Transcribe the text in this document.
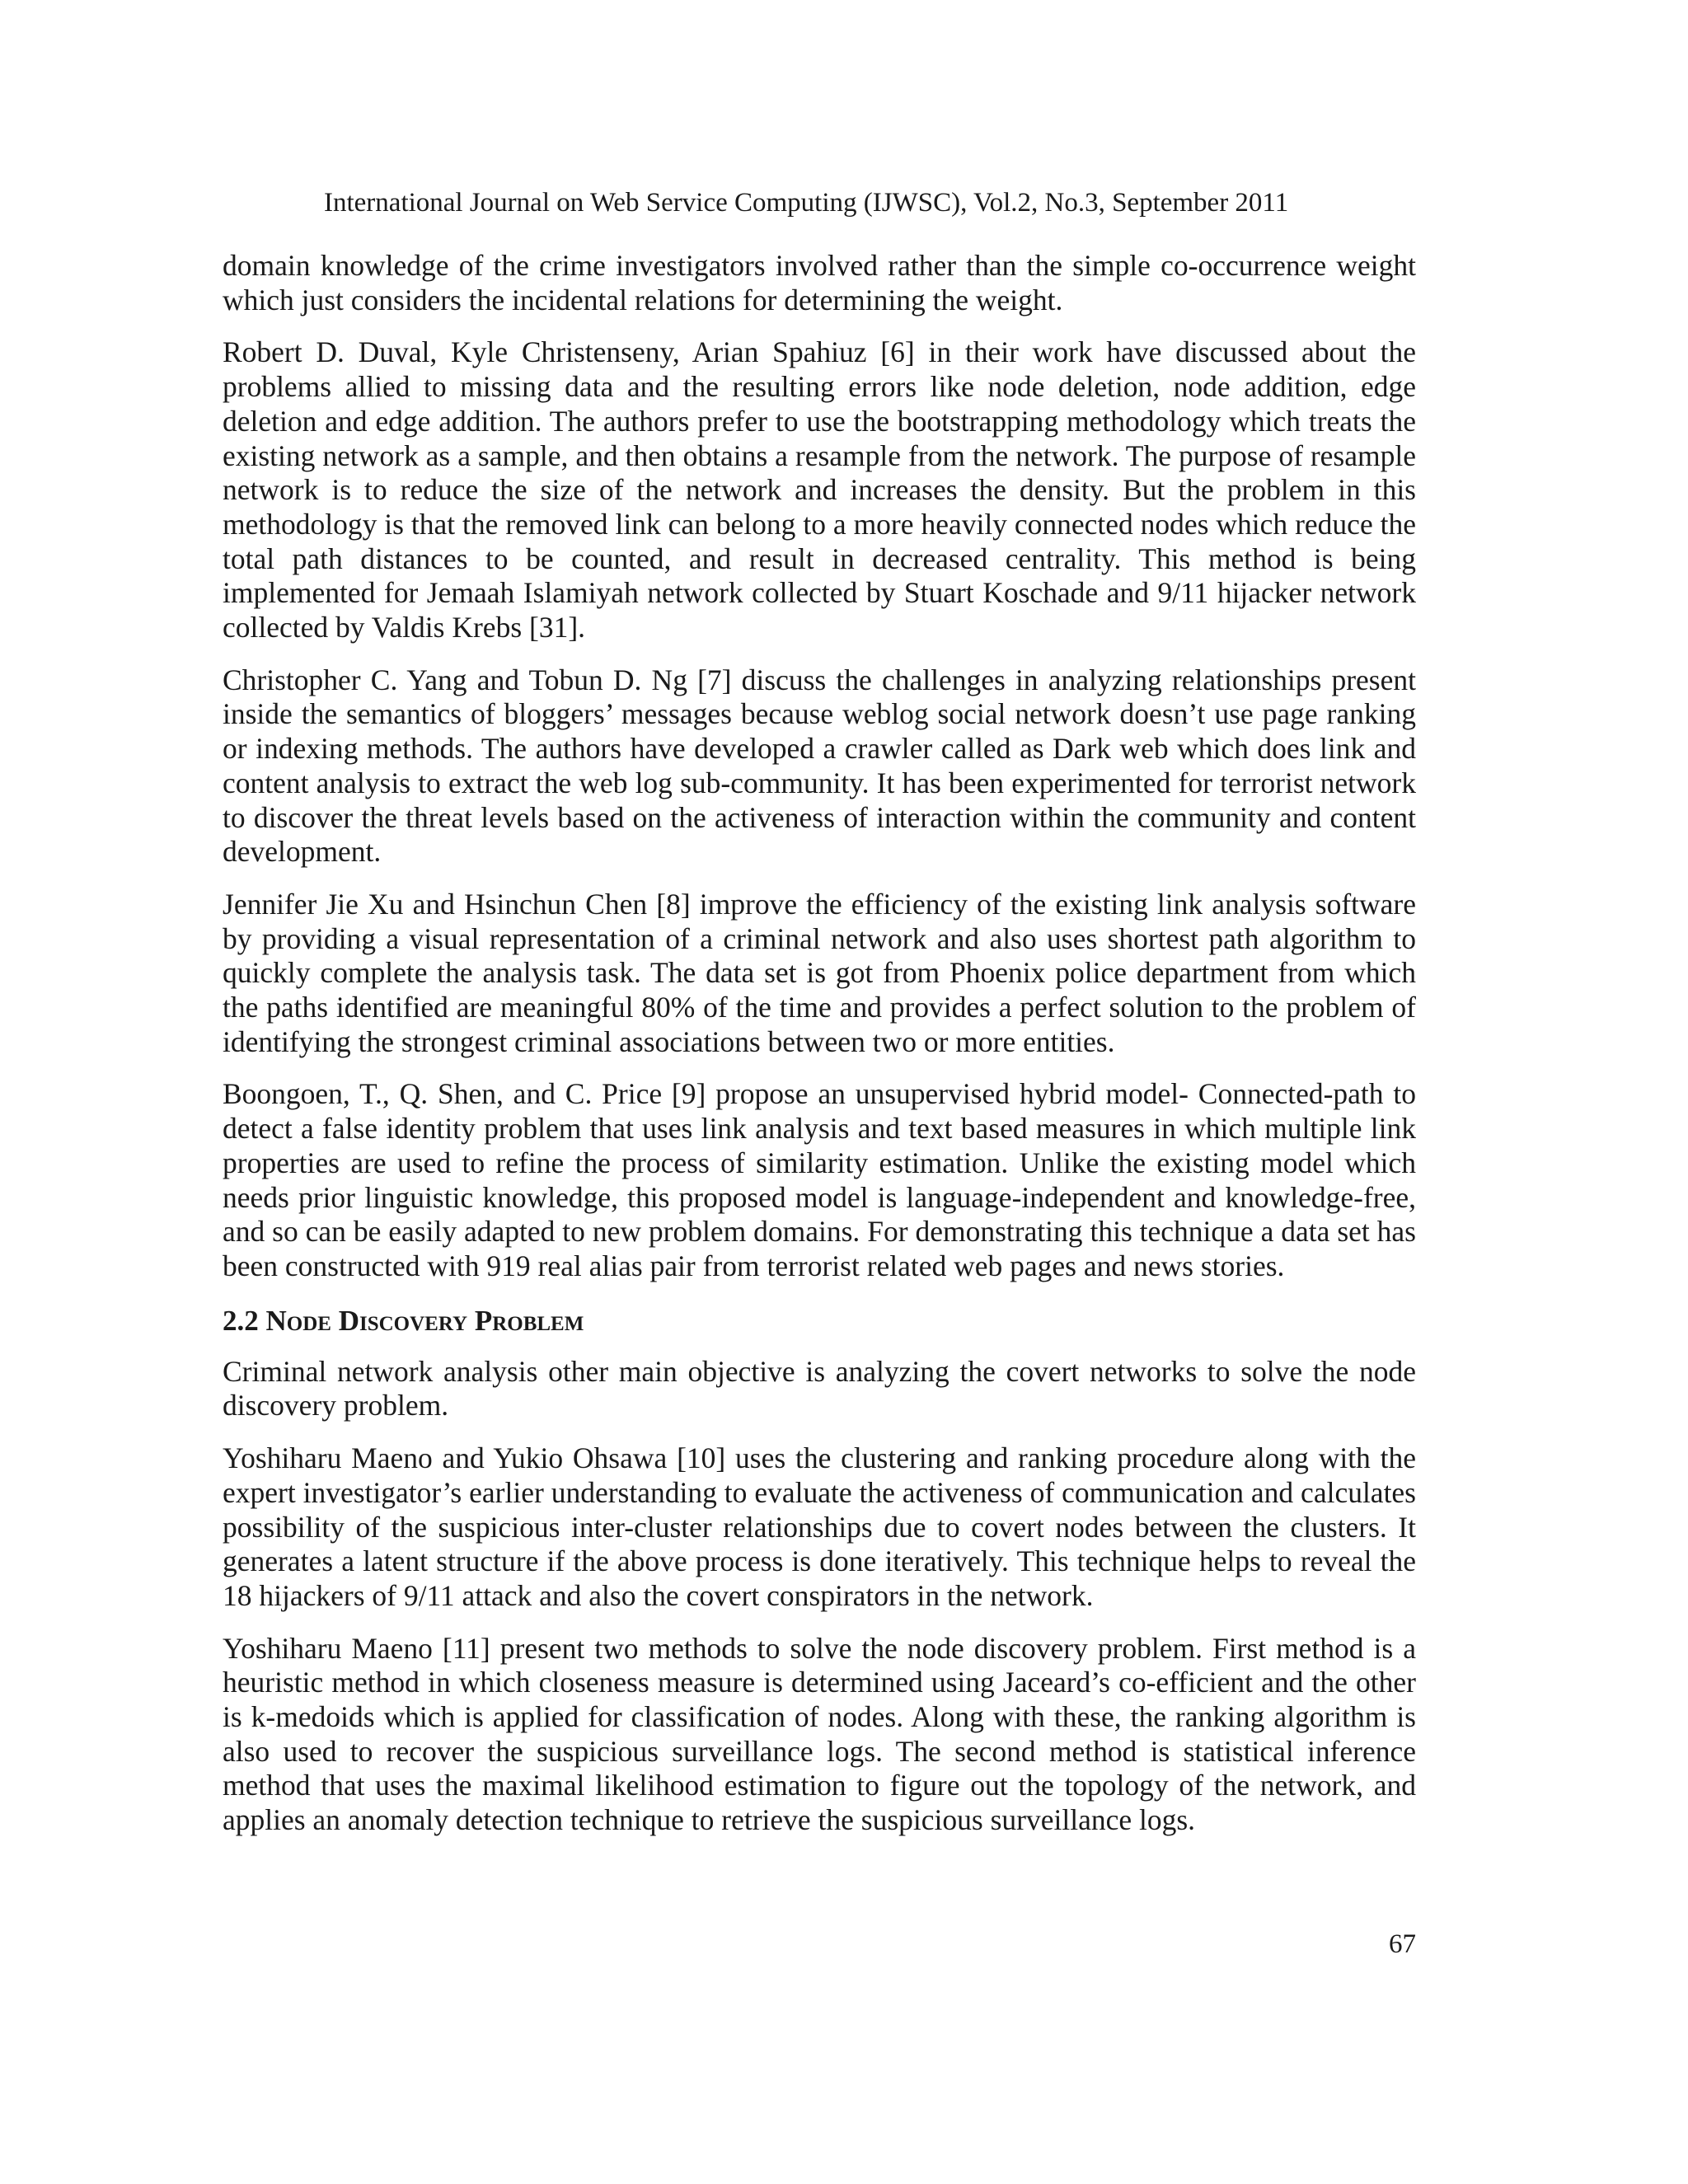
International Journal on Web Service Computing (IJWSC), Vol.2, No.3, September 2011

domain knowledge of the crime investigators involved rather than the simple co-occurrence weight which just considers the incidental relations for determining the weight.

Robert D. Duval, Kyle Christenseny, Arian Spahiuz [6] in their work have discussed about the problems allied to missing data and the resulting errors like node deletion, node addition, edge deletion and edge addition. The authors prefer to use the bootstrapping methodology which treats the existing network as a sample, and then obtains a resample from the network. The purpose of resample network is to reduce the size of the network and increases the density. But the problem in this methodology is that the removed link can belong to a more heavily connected nodes which reduce the total path distances to be counted, and result in decreased centrality. This method is being implemented for Jemaah Islamiyah network collected by Stuart Koschade and 9/11 hijacker network collected by Valdis Krebs [31].

Christopher C. Yang and Tobun D. Ng [7] discuss the challenges in analyzing relationships present inside the semantics of bloggers’ messages because weblog social network doesn’t use page ranking or indexing methods. The authors have developed a crawler called as Dark web which does link and content analysis to extract the web log sub-community. It has been experimented for terrorist network to discover the threat levels based on the activeness of interaction within the community and content development.

Jennifer Jie Xu and Hsinchun Chen [8] improve the efficiency of the existing link analysis software by providing a visual representation of a criminal network and also uses shortest path algorithm to quickly complete the analysis task. The data set is got from Phoenix police department from which the paths identified are meaningful 80% of the time and provides a perfect solution to the problem of identifying the strongest criminal associations between two or more entities.

Boongoen, T., Q. Shen, and C. Price [9] propose an unsupervised hybrid model- Connected-path to detect a false identity problem that uses link analysis and text based measures in which multiple link properties are used to refine the process of similarity estimation. Unlike the existing model which needs prior linguistic knowledge, this proposed model is language-independent and knowledge-free, and so can be easily adapted to new problem domains. For demonstrating this technique a data set has been constructed with 919 real alias pair from terrorist related web pages and news stories.

2.2 Node Discovery Problem

Criminal network analysis other main objective is analyzing the covert networks to solve the node discovery problem.

Yoshiharu Maeno and Yukio Ohsawa [10] uses the clustering and ranking procedure along with the expert investigator’s earlier understanding to evaluate the activeness of communication and calculates possibility of the suspicious inter-cluster relationships due to covert nodes between the clusters. It generates a latent structure if the above process is done iteratively. This technique helps to reveal the 18 hijackers of 9/11 attack and also the covert conspirators in the network.

Yoshiharu Maeno [11] present two methods to solve the node discovery problem. First method is a heuristic method in which closeness measure is determined using Jaceard’s co-efficient and the other is k-medoids which is applied for classification of nodes. Along with these, the ranking algorithm is also used to recover the suspicious surveillance logs. The second method is statistical inference method that uses the maximal likelihood estimation to figure out the topology of the network, and applies an anomaly detection technique to retrieve the suspicious surveillance logs.

67
